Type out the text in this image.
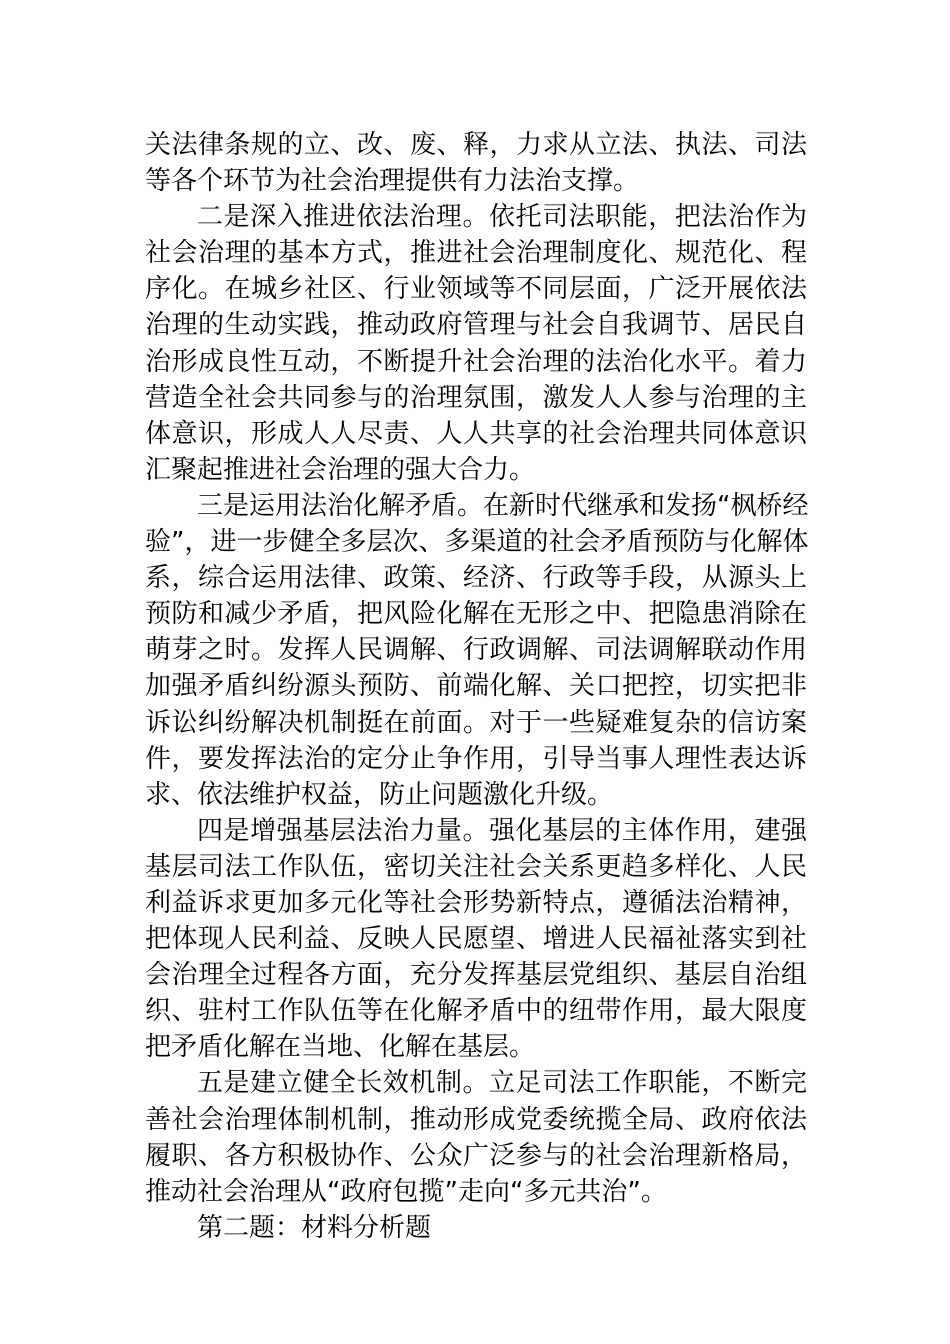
关法律条规的立、改、废、释，力求从立法、执法、司法
等各个环节为社会治理提供有力法治支撑。
二是深入推进依法治理。依托司法职能，把法治作为
社会治理的基本方式，推进社会治理制度化、规范化、程
序化。在城乡社区、行业领域等不同层面，广泛开展依法
治理的生动实践，推动政府管理与社会自我调节、居民自
治形成良性互动，不断提升社会治理的法治化水平。着力
营造全社会共同参与的治理氛围，激发人人参与治理的主
体意识，形成人人尽责、人人共享的社会治理共同体意识
汇聚起推进社会治理的强大合力。
三是运用法治化解矛盾。在新时代继承和发扬“枫桥经
验”，进一步健全多层次、多渠道的社会矛盾预防与化解体
系，综合运用法律、政策、经济、行政等手段，从源头上
预防和减少矛盾，把风险化解在无形之中、把隐患消除在
萌芽之时。发挥人民调解、行政调解、司法调解联动作用
加强矛盾纠纷源头预防、前端化解、关口把控，切实把非
诉讼纠纷解决机制挺在前面。对于一些疑难复杂的信访案
件，要发挥法治的定分止争作用，引导当事人理性表达诉
求、依法维护权益，防止问题激化升级。
四是增强基层法治力量。强化基层的主体作用，建强
基层司法工作队伍，密切关注社会关系更趋多样化、人民
利益诉求更加多元化等社会形势新特点，遵循法治精神，
把体现人民利益、反映人民愿望、增进人民福祉落实到社
会治理全过程各方面，充分发挥基层党组织、基层自治组
织、驻村工作队伍等在化解矛盾中的纽带作用，最大限度
把矛盾化解在当地、化解在基层。
五是建立健全长效机制。立足司法工作职能，不断完
善社会治理体制机制，推动形成党委统揽全局、政府依法
履职、各方积极协作、公众广泛参与的社会治理新格局，
推动社会治理从“政府包揽”走向“多元共治”。
第二题：材料分析题
